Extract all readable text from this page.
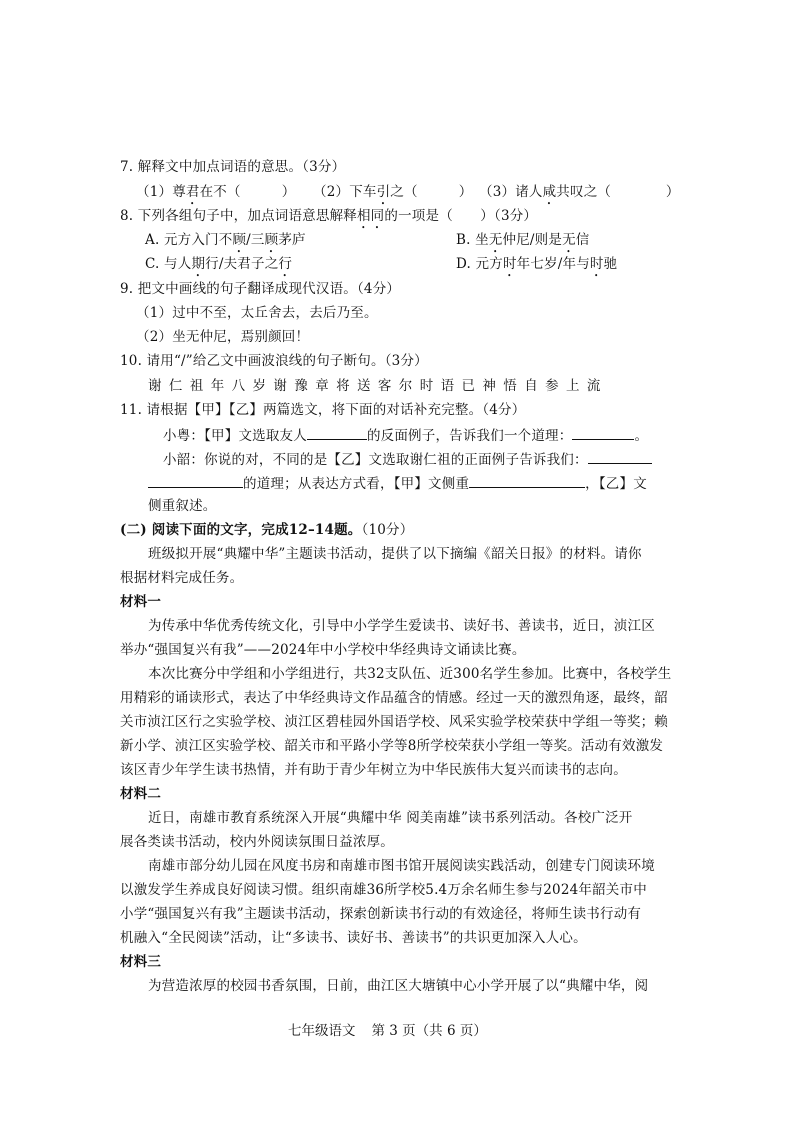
7. 解释文中加点词语的意思。（3分）
（1）尊君在不（　　　） （2）下车引之（　　　） （3）诸人咸共叹之（　　　　）
8. 下列各组句子中，加点词语意思解释相同的一项是（　　）（3分）
A. 元方入门不顾/三顾茅庐	B. 坐无仲尼/则是无信
C. 与人期行/夫君子之行	D. 元方时年七岁/年与时驰
9. 把文中画线的句子翻译成现代汉语。（4分）
（1）过中不至，太丘舍去，去后乃至。
（2）坐无仲尼，焉别颜回！
10. 请用“/”给乙文中画波浪线的句子断句。（3分）
谢仁祖年八岁谢豫章将送客尔时语已神悟自参上流
11. 请根据【甲】【乙】两篇选文，将下面的对话补充完整。（4分）
小粤：【甲】文选取友人	的反面例子，告诉我们一个道理：	。
小韶：你说的对，不同的是【乙】文选取谢仁祖的正面例子告诉我们：
的道理；从表达方式看，【甲】文侧重	，【乙】文
侧重叙述。
(二) 阅读下面的文字，完成12–14题。（10分）
班级拟开展“典耀中华”主题读书活动，提供了以下摘编《韶关日报》的材料。请你
根据材料完成任务。
材料一
为传承中华优秀传统文化，引导中小学学生爱读书、读好书、善读书，近日，浈江区
举办“强国复兴有我”——2024年中小学校中华经典诗文诵读比赛。
本次比赛分中学组和小学组进行，共32支队伍、近300名学生参加。比赛中，各校学生
用精彩的诵读形式，表达了中华经典诗文作品蕴含的情感。经过一天的激烈角逐，最终，韶
关市浈江区行之实验学校、浈江区碧桂园外国语学校、风采实验学校荣获中学组一等奖；赖
新小学、浈江区实验学校、韶关市和平路小学等8所学校荣获小学组一等奖。活动有效激发
该区青少年学生读书热情，并有助于青少年树立为中华民族伟大复兴而读书的志向。
材料二
近日，南雄市教育系统深入开展“典耀中华 阅美南雄”读书系列活动。各校广泛开
展各类读书活动，校内外阅读氛围日益浓厚。
南雄市部分幼儿园在风度书房和南雄市图书馆开展阅读实践活动，创建专门阅读环境
以激发学生养成良好阅读习惯。组织南雄36所学校5.4万余名师生参与2024年韶关市中
小学“强国复兴有我”主题读书活动，探索创新读书行动的有效途径，将师生读书行动有
机融入“全民阅读”活动，让“多读书、读好书、善读书”的共识更加深入人心。
材料三
为营造浓厚的校园书香氛围，日前，曲江区大塘镇中心小学开展了以“典耀中华，阅
七年级语文 第 3 页（共 6 页）
